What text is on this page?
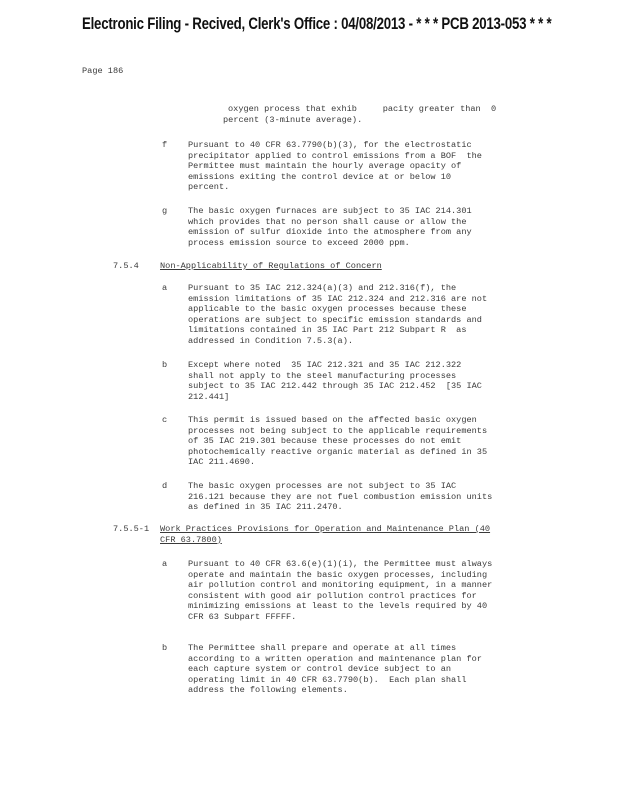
Electronic Filing - Recived, Clerk's Office : 04/08/2013 - * * * PCB 2013-053 * * *
Page 186
oxygen process that exhib     pacity greater than  0
percent (3-minute average).
f Pursuant to 40 CFR 63.7790(b)(3), for the electrostatic
precipitator applied to control emissions from a BOF  the
Permittee must maintain the hourly average opacity of
emissions exiting the control device at or below 10
percent.
g The basic oxygen furnaces are subject to 35 IAC 214.301
which provides that no person shall cause or allow the
emission of sulfur dioxide into the atmosphere from any
process emission source to exceed 2000 ppm.
7.5.4 Non-Applicability of Regulations of Concern
a Pursuant to 35 IAC 212.324(a)(3) and 212.316(f), the
emission limitations of 35 IAC 212.324 and 212.316 are not
applicable to the basic oxygen processes because these
operations are subject to specific emission standards and
limitations contained in 35 IAC Part 212 Subpart R  as
addressed in Condition 7.5.3(a).
b Except where noted  35 IAC 212.321 and 35 IAC 212.322
shall not apply to the steel manufacturing processes
subject to 35 IAC 212.442 through 35 IAC 212.452  [35 IAC
212.441]
c This permit is issued based on the affected basic oxygen
processes not being subject to the applicable requirements
of 35 IAC 219.301 because these processes do not emit
photochemically reactive organic material as defined in 35
IAC 211.4690.
d The basic oxygen processes are not subject to 35 IAC
216.121 because they are not fuel combustion emission units
as defined in 35 IAC 211.2470.
7.5.5-1 Work Practices Provisions for Operation and Maintenance Plan (40
CFR 63.7800)
a Pursuant to 40 CFR 63.6(e)(1)(i), the Permittee must always
operate and maintain the basic oxygen processes, including
air pollution control and monitoring equipment, in a manner
consistent with good air pollution control practices for
minimizing emissions at least to the levels required by 40
CFR 63 Subpart FFFFF.
b The Permittee shall prepare and operate at all times
according to a written operation and maintenance plan for
each capture system or control device subject to an
operating limit in 40 CFR 63.7790(b).  Each plan shall
address the following elements.
